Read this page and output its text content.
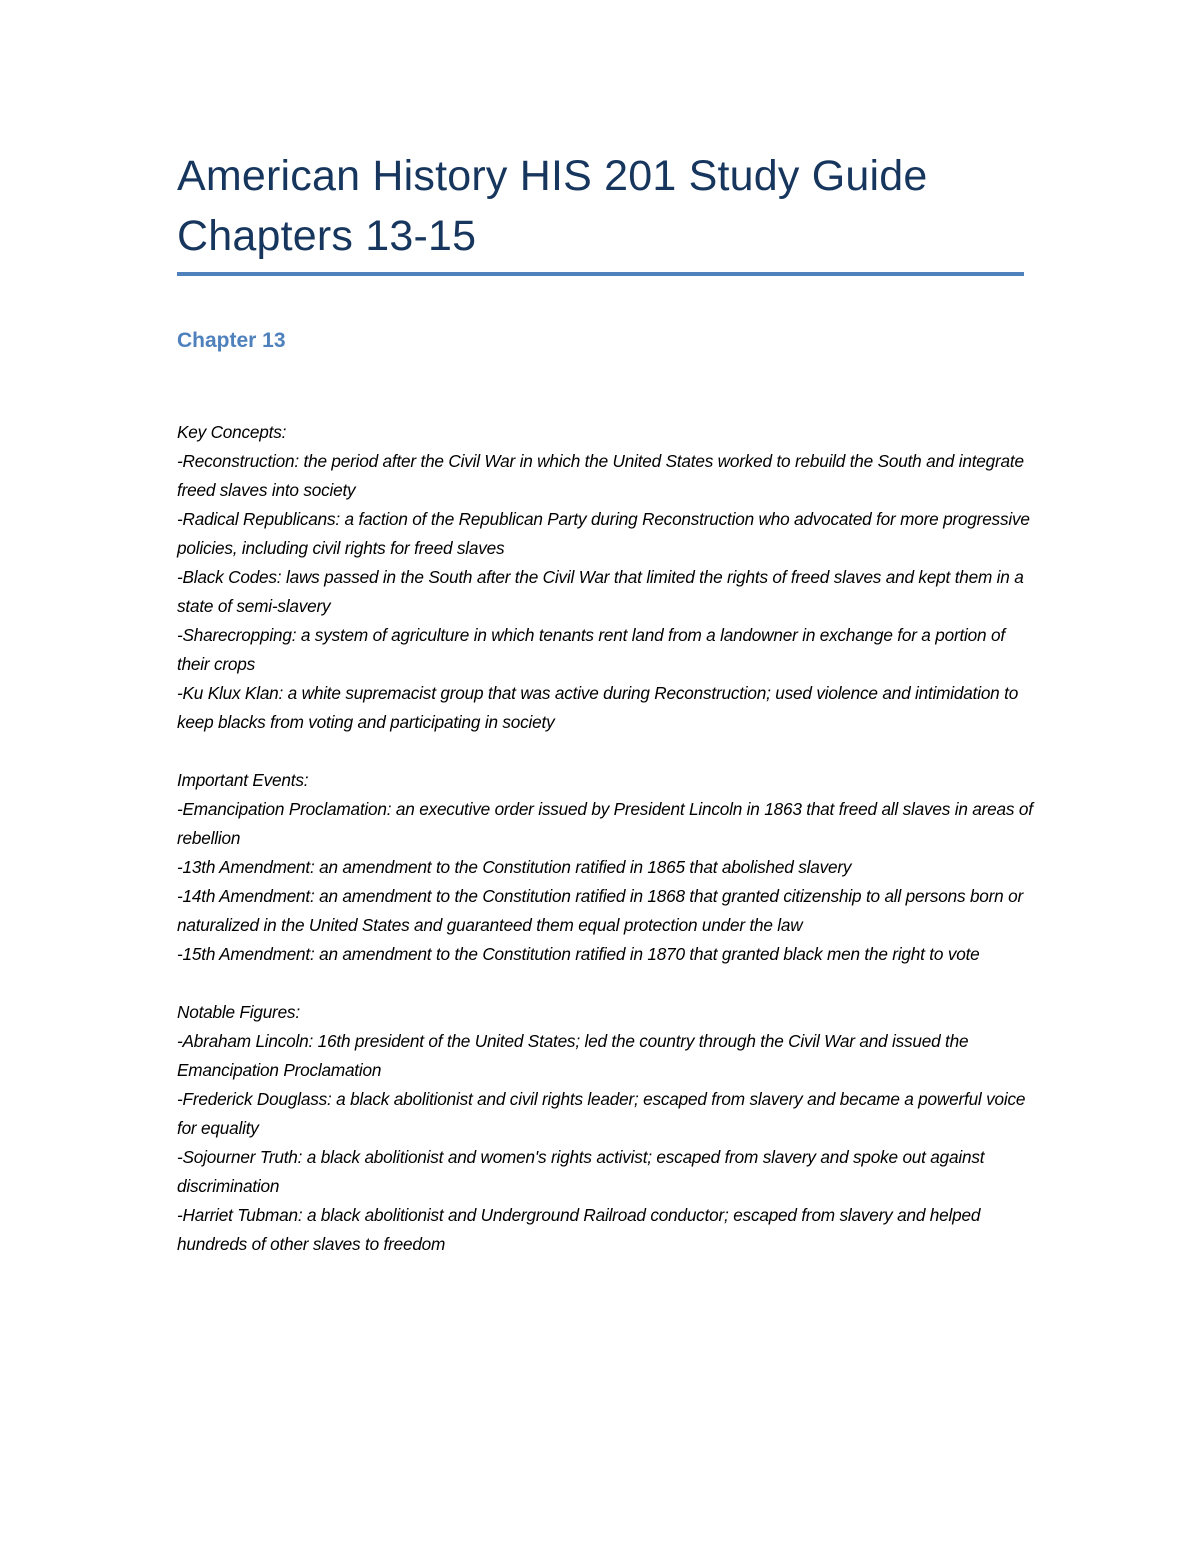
American History HIS 201 Study Guide Chapters 13-15
Chapter 13
Key Concepts:
-Reconstruction: the period after the Civil War in which the United States worked to rebuild the South and integrate freed slaves into society
-Radical Republicans: a faction of the Republican Party during Reconstruction who advocated for more progressive policies, including civil rights for freed slaves
-Black Codes: laws passed in the South after the Civil War that limited the rights of freed slaves and kept them in a state of semi-slavery
-Sharecropping: a system of agriculture in which tenants rent land from a landowner in exchange for a portion of their crops
-Ku Klux Klan: a white supremacist group that was active during Reconstruction; used violence and intimidation to keep blacks from voting and participating in society
Important Events:
-Emancipation Proclamation: an executive order issued by President Lincoln in 1863 that freed all slaves in areas of rebellion
-13th Amendment: an amendment to the Constitution ratified in 1865 that abolished slavery
-14th Amendment: an amendment to the Constitution ratified in 1868 that granted citizenship to all persons born or naturalized in the United States and guaranteed them equal protection under the law
-15th Amendment: an amendment to the Constitution ratified in 1870 that granted black men the right to vote
Notable Figures:
-Abraham Lincoln: 16th president of the United States; led the country through the Civil War and issued the Emancipation Proclamation
-Frederick Douglass: a black abolitionist and civil rights leader; escaped from slavery and became a powerful voice for equality
-Sojourner Truth: a black abolitionist and women's rights activist; escaped from slavery and spoke out against discrimination
-Harriet Tubman: a black abolitionist and Underground Railroad conductor; escaped from slavery and helped hundreds of other slaves to freedom
